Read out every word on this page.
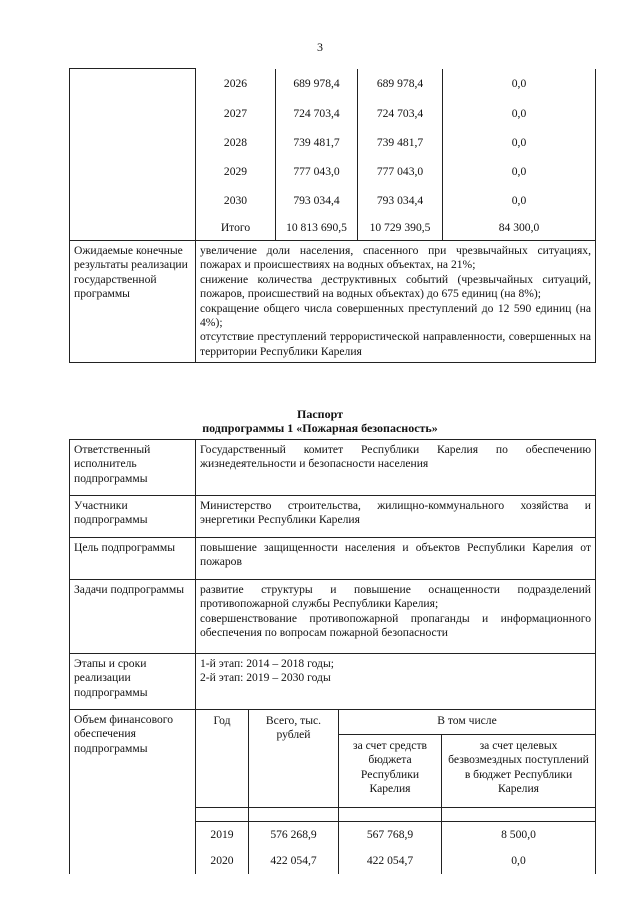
3
	2026	689 978,4	689 978,4	0,0
	2027	724 703,4	724 703,4	0,0
	2028	739 481,7	739 481,7	0,0
	2029	777 043,0	777 043,0	0,0
	2030	793 034,4	793 034,4	0,0
	Итого	10 813 690,5	10 729 390,5	84 300,0
Ожидаемые конечные результаты реализации государственной программы	увеличение доли населения, спасенного при чрезвычайных ситуациях, пожарах и происшествиях на водных объектах, на 21%;
снижение количества деструктивных событий (чрезвычайных ситуаций, пожаров, происшествий на водных объектах) до 675 единиц (на 8%);
сокращение общего числа совершенных преступлений до 12 590 единиц (на 4%);
отсутствие преступлений террористической направленности, совершенных на территории Республики Карелия			
Паспорт
подпрограммы 1 «Пожарная безопасность»
Ответственный исполнитель подпрограммы	Государственный комитет Республики Карелия по обеспечению жизнедеятельности и безопасности населения			
Участники подпрограммы	Министерство строительства, жилищно-коммунального хозяйства и энергетики Республики Карелия			
Цель подпрограммы	повышение защищенности населения и объектов Республики Карелия от пожаров			
Задачи подпрограммы	развитие структуры и повышение оснащенности подразделений противопожарной службы Республики Карелия;
совершенствование противопожарной пропаганды и информационного обеспечения по вопросам пожарной безопасности			

Этапы и сроки реализации подпрограммы	1-й этап: 2014 – 2018 годы;
2-й этап: 2019 – 2030 годы			

Объем финансового обеспечения подпрограммы	Год	Всего, тыс. рублей	В том числе	
			за счет средств бюджета Республики Карелия	за счет целевых безвозмездных поступлений в бюджет Республики Карелия

	2019	576 268,9	567 768,9	8 500,0
	2020	422 054,7	422 054,7	0,0
